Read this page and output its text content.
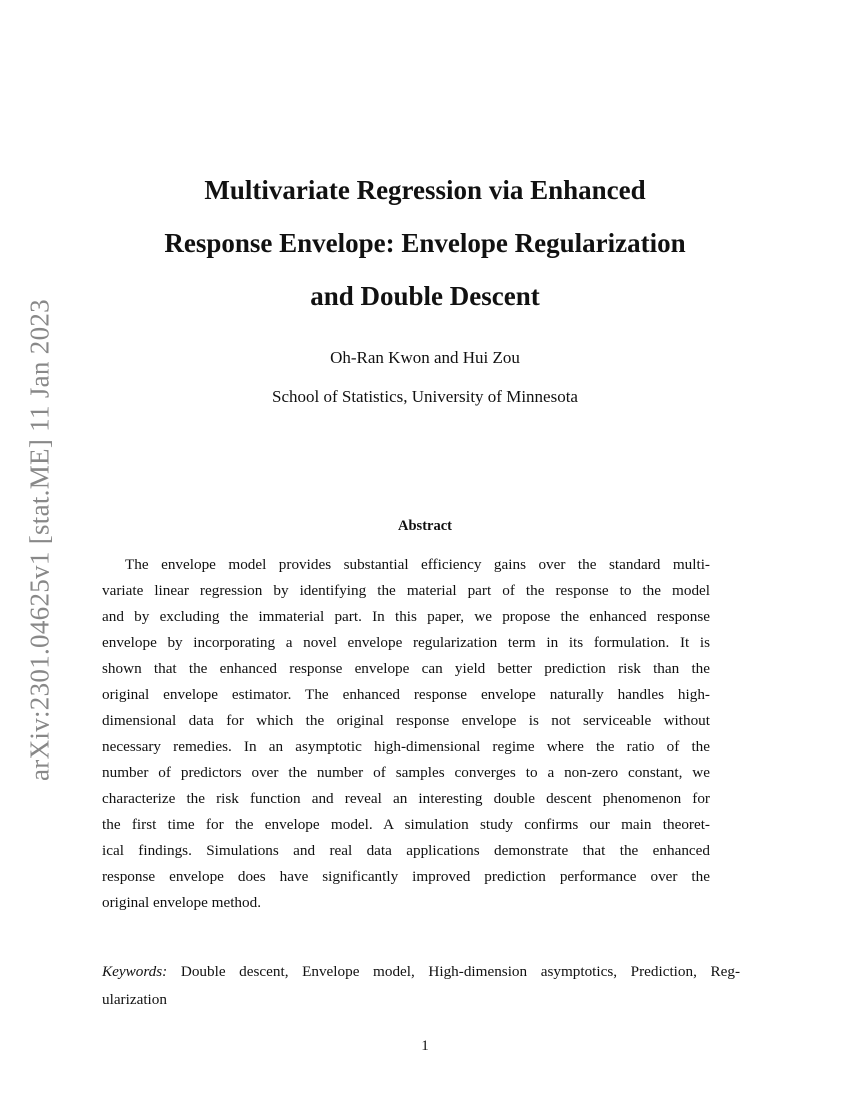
arXiv:2301.04625v1 [stat.ME] 11 Jan 2023
Multivariate Regression via Enhanced
Response Envelope: Envelope Regularization
and Double Descent
Oh-Ran Kwon and Hui Zou
School of Statistics, University of Minnesota
Abstract
The envelope model provides substantial efficiency gains over the standard multi-
variate linear regression by identifying the material part of the response to the model
and by excluding the immaterial part. In this paper, we propose the enhanced response
envelope by incorporating a novel envelope regularization term in its formulation. It is
shown that the enhanced response envelope can yield better prediction risk than the
original envelope estimator. The enhanced response envelope naturally handles high-
dimensional data for which the original response envelope is not serviceable without
necessary remedies. In an asymptotic high-dimensional regime where the ratio of the
number of predictors over the number of samples converges to a non-zero constant, we
characterize the risk function and reveal an interesting double descent phenomenon for
the first time for the envelope model. A simulation study confirms our main theoret-
ical findings. Simulations and real data applications demonstrate that the enhanced
response envelope does have significantly improved prediction performance over the
original envelope method.
Keywords: Double descent, Envelope model, High-dimension asymptotics, Prediction, Reg-
ularization
1
